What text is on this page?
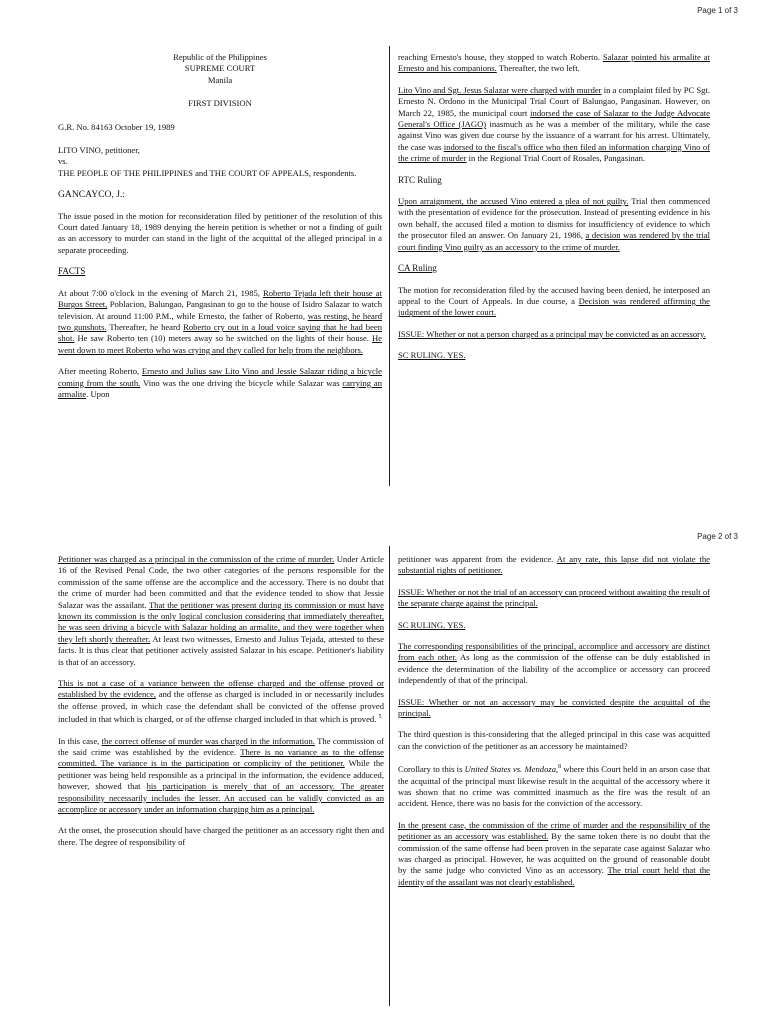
Page 1 of 3
Republic of the Philippines
SUPREME COURT
Manila
FIRST DIVISION

G.R. No. 84163 October 19, 1989

LITO VINO, petitioner,
vs.

THE PEOPLE OF THE PHILIPPINES and THE COURT OF APPEALS, respondents.

GANCAYCO, J.:

The issue posed in the motion for reconsideration filed by petitioner of the resolution of this Court dated January 18, 1989 denying the herein petition is whether or not a finding of guilt as an accessory to murder can stand in the light of the acquittal of the alleged principal in a separate proceeding.

FACTS

At about 7:00 o'clock in the evening of March 21, 1985, Roberto Tejada left their house at Burgos Street, Poblacion, Balungao, Pangasinan to go to the house of Isidro Salazar to watch television. At around 11:00 P.M., while Ernesto, the father of Roberto, was resting, he heard two gunshots. Thereafter, he heard Roberto cry out in a loud voice saying that he had been shot. He saw Roberto ten (10) meters away so he switched on the lights of their house. He went down to meet Roberto who was crying and they called for help from the neighbors.

After meeting Roberto, Ernesto and Julius saw Lito Vino and Jessie Salazar riding a bicycle coming from the south. Vino was the one driving the bicycle while Salazar was carrying an armalite. Upon

reaching Ernesto's house, they stopped to watch Roberto. Salazar pointed his armalite at Ernesto and his companions. Thereafter, the two left.

Lito Vino and Sgt. Jesus Salazar were charged with murder in a complaint filed by PC Sgt. Ernesto N. Ordono in the Municipal Trial Court of Balungao, Pangasinan. However, on March 22, 1985, the municipal court indorsed the case of Salazar to the Judge Advocate General's Office (JAGO) inasmuch as he was a member of the military, while the case against Vino was given due course by the issuance of a warrant for his arrest. Ultimately, the case was indorsed to the fiscal's office who then filed an information charging Vino of the crime of murder in the Regional Trial Court of Rosales, Pangasinan.

RTC Ruling

Upon arraignment, the accused Vino entered a plea of not guilty. Trial then commenced with the presentation of evidence for the prosecution. Instead of presenting evidence in his own behalf, the accused filed a motion to dismiss for insufficiency of evidence to which the prosecutor filed an answer. On January 21, 1986, a decision was rendered by the trial court finding Vino guilty as an accessory to the crime of murder.

CA Ruling

The motion for reconsideration filed by the accused having been denied, he interposed an appeal to the Court of Appeals. In due course, a Decision was rendered affirming the judgment of the lower court.

ISSUE: Whether or not a person charged as a principal may be convicted as an accessory.

SC RULING. YES.

Page 2 of 3

Petitioner was charged as a principal in the commission of the crime of murder. Under Article 16 of the Revised Penal Code, the two other categories of the persons responsible for the commission of the same offense are the accomplice and the accessory. There is no doubt that the crime of murder had been committed and that the evidence tended to show that Jessie Salazar was the assailant. That the petitioner was present during its commission or must have known its commission is the only logical conclusion considering that immediately thereafter, he was seen driving a bicycle with Salazar holding an armalite, and they were together when they left shortly thereafter. At least two witnesses, Ernesto and Julius Tejada, attested to these facts. It is thus clear that petitioner actively assisted Salazar in his escape. Petitioner's liability is that of an accessory.

This is not a case of a variance between the offense charged and the offense proved or established by the evidence, and the offense as charged is included in or necessarily includes the offense proved, in which case the defendant shall be convicted of the offense proved included in that which is charged, or of the offense charged included in that which is proved. $^5$

In this case, the correct offense of murder was charged in the information. The commission of the said crime was established by the evidence. There is no variance as to the offense committed. The variance is in the participation or complicity of the petitioner. While the petitioner was being held responsible as a principal in the information, the evidence adduced, however, showed that his participation is merely that of an accessory. The greater responsibility necessarily includes the lesser. An accused can be validly convicted as an accomplice or accessory under an information charging him as a principal.

At the onset, the prosecution should have charged the petitioner as an accessory right then and there. The degree of responsibility of

petitioner was apparent from the evidence. At any rate, this lapse did not violate the substantial rights of petitioner.

ISSUE: Whether or not the trial of an accessory can proceed without awaiting the result of the separate charge against the principal.

SC RULING. YES.

The corresponding responsibilities of the principal, accomplice and accessory are distinct from each other. As long as the commission of the offense can be duly established in evidence the determination of the liability of the accomplice or accessory can proceed independently of that of the principal.

ISSUE: Whether or not an accessory may be convicted despite the acquittal of the principal.

The third question is this-considering that the alleged principal in this case was acquitted can the conviction of the petitioner as an accessory be maintained?

Corollary to this is United States vs. Mendoza,$^8$ where this Court held in an arson case that the acquittal of the principal must likewise result in the acquittal of the accessory where it was shown that no crime was committed inasmuch as the fire was the result of an accident. Hence, there was no basis for the conviction of the accessory.

In the present case, the commission of the crime of murder and the responsibility of the petitioner as an accessory was established. By the same token there is no doubt that the commission of the same offense had been proven in the separate case against Salazar who was charged as principal. However, he was acquitted on the ground of reasonable doubt by the same judge who convicted Vino as an accessory. The trial court held that the identity of the assailant was not clearly established.
